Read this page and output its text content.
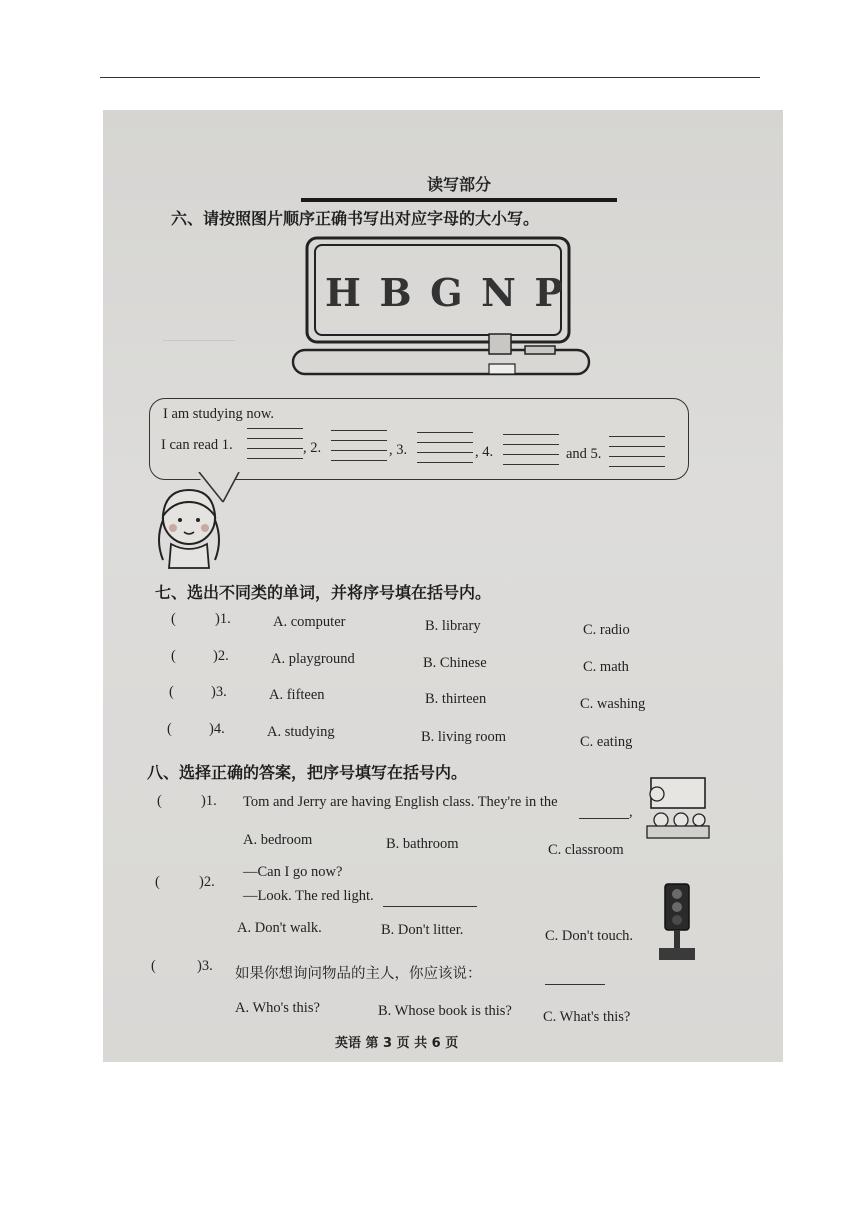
——————
读写部分
六、请按照图片顺序正确书写出对应字母的大小写。
H B G N P
I am studying now.
I can read 1.	, 2.	, 3.	, 4.	and 5.
七、选出不同类的单词，并将序号填在括号内。
(	)1.	A. computer	B. library	C. radio
(	)2.	A. playground	B. Chinese	C. math
(	)3.	A. fifteen	B. thirteen	C. washing
(	)4.	A. studying	B. living room	C. eating
八、选择正确的答案，把序号填写在括号内。
(	)1. Tom and Jerry are having English class. They're in the
,
A. bedroom	B. bathroom	C. classroom
—Can I go now?
(	)2.
—Look. The red light.
A. Don't walk.	B. Don't litter.	C. Don't touch.
(	)3. 如果你想询问物品的主人，你应该说：
A. Who's this?	B. Whose book is this? C. What's this?
英语 第 3 页 共 6 页
